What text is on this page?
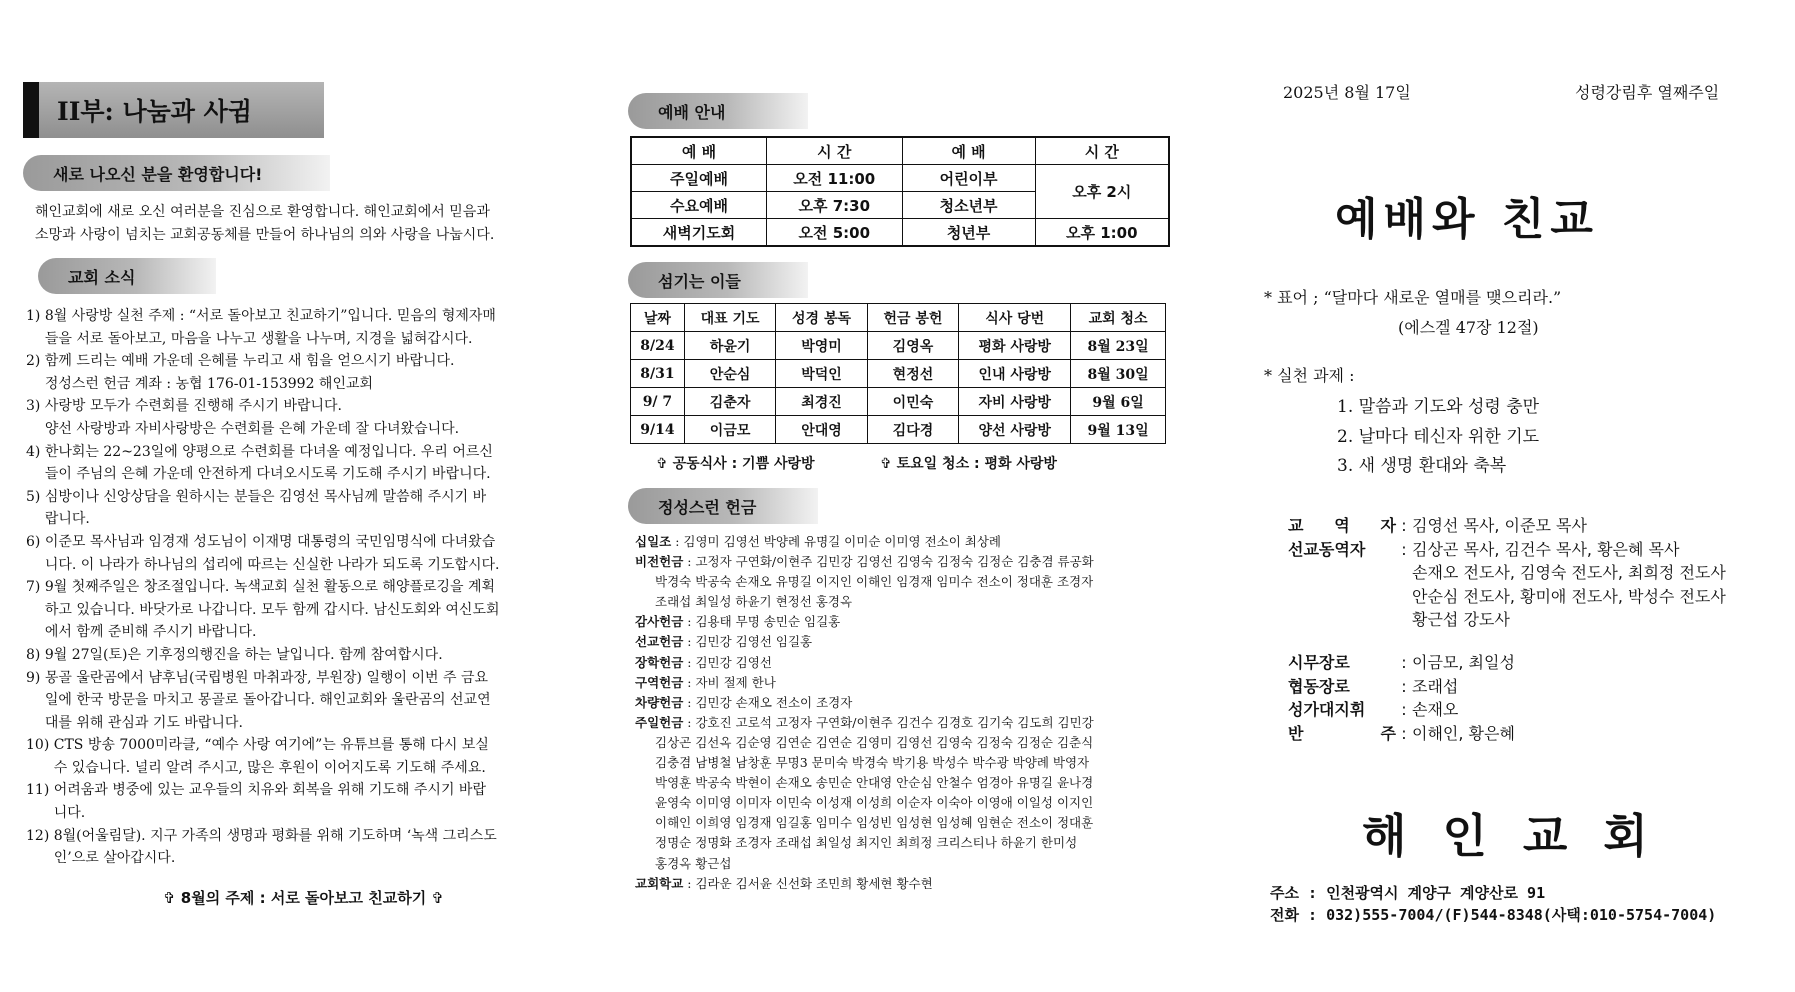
II부: 나눔과 사귐
새로 나오신 분을 환영합니다!
해인교회에 새로 오신 여러분을 진심으로 환영합니다. 해인교회에서 믿음과
소망과 사랑이 넘치는 교회공동체를 만들어 하나님의 의와 사랑을 나눕시다.
교회 소식
1) 8월 사랑방 실천 주제 : “서로 돌아보고 친교하기”입니다. 믿음의 형제자매
들을 서로 돌아보고, 마음을 나누고 생활을 나누며, 지경을 넓혀갑시다.
2) 함께 드리는 예배 가운데 은혜를 누리고 새 힘을 얻으시기 바랍니다.
정성스런 헌금 계좌 : 농협 176-01-153992 해인교회
3) 사랑방 모두가 수련회를 진행해 주시기 바랍니다.
양선 사랑방과 자비사랑방은 수련회를 은혜 가운데 잘 다녀왔습니다.
4) 한나회는 22~23일에 양평으로 수련회를 다녀올 예정입니다. 우리 어르신
들이 주님의 은혜 가운데 안전하게 다녀오시도록 기도해 주시기 바랍니다.
5) 심방이나 신앙상담을 원하시는 분들은 김영선 목사님께 말씀해 주시기 바
랍니다.
6) 이준모 목사님과 임경재 성도님이 이재명 대통령의 국민임명식에 다녀왔습
니다. 이 나라가 하나님의 섭리에 따르는 신실한 나라가 되도록 기도합시다.
7) 9월 첫째주일은 창조절입니다. 녹색교회 실천 활동으로 해양플로깅을 계획
하고 있습니다. 바닷가로 나갑니다. 모두 함께 갑시다. 남신도회와 여신도회
에서 함께 준비해 주시기 바랍니다.
8) 9월 27일(토)은 기후정의행진을 하는 날입니다. 함께 참여합시다.
9) 몽골 울란곰에서 냠후님(국립병원 마취과장, 부원장) 일행이 이번 주 금요
일에 한국 방문을 마치고 몽골로 돌아갑니다. 해인교회와 울란곰의 선교연
대를 위해 관심과 기도 바랍니다.
10) CTS 방송 7000미라클, “예수 사랑 여기에”는 유튜브를 통해 다시 보실
수 있습니다. 널리 알려 주시고, 많은 후원이 이어지도록 기도해 주세요.
11) 어려움과 병중에 있는 교우들의 치유와 회복을 위해 기도해 주시기 바랍
니다.
12) 8월(어울림달). 지구 가족의 생명과 평화를 위해 기도하며 ‘녹색 그리스도
인’으로 살아갑시다.
✞ 8월의 주제 : 서로 돌아보고 친교하기 ✞
예배 안내
예 배	시 간	예 배	시 간
주일예배	오전 11:00	어린이부	오후 2시
수요예배	오후 7:30	청소년부	
새벽기도회	오전 5:00	청년부	오후 1:00
섬기는 이들
날짜	대표 기도	성경 봉독	헌금 봉헌	식사 당번	교회 청소
8/24	하윤기	박영미	김영옥	평화 사랑방	8월 23일
8/31	안순심	박덕인	현정선	인내 사랑방	8월 30일
9/ 7	김춘자	최경진	이민숙	자비 사랑방	9월 6일
9/14	이금모	안대영	김다경	양선 사랑방	9월 13일
✞ 공동식사 : 기쁨 사랑방	✞ 토요일 청소 : 평화 사랑방
정성스런 헌금
십일조 : 김영미 김영선 박양례 유명길 이미순 이미영 전소이 최상례
비전헌금 : 고정자 구연화/이현주 김민강 김영선 김영숙 김정숙 김정순 김충겸 류공화
박경숙 박공숙 손재오 유명길 이지인 이해인 임경재 임미수 전소이 정대훈 조경자
조래섭 최일성 하윤기 현정선 홍경옥
감사헌금 : 김용태 무명 송민순 임길홍
선교헌금 : 김민강 김영선 임길홍
장학헌금 : 김민강 김영선
구역헌금 : 자비 절제 한나
차량헌금 : 김민강 손재오 전소이 조경자
주일헌금 : 강호진 고로석 고정자 구연화/이현주 김건수 김경호 김기숙 김도희 김민강
김상곤 김선옥 김순영 김연순 김연순 김영미 김영선 김영숙 김정숙 김정순 김춘식
김충겸 남병철 남창훈 무명3 문미숙 박경숙 박기용 박성수 박수광 박양례 박영자
박영훈 박공숙 박현이 손재오 송민순 안대영 안순심 안철수 엄경아 유명길 윤나경
윤영숙 이미영 이미자 이민숙 이성재 이성희 이순자 이숙아 이영애 이일성 이지인
이해인 이희영 임경재 임길홍 임미수 임성빈 임성현 임성혜 임현순 전소이 정대훈
정명순 정명화 조경자 조래섭 최일성 최지인 최희정 크리스티나 하윤기 한미성
홍경옥 황근섭
교회학교 : 김라운 김서윤 신선화 조민희 황세현 황수현
2025년 8월 17일	성령강림후 열째주일
예배와 친교
* 표어 ; “달마다 새로운 열매를 맺으리라.”
(에스겔 47장 12절)
* 실천 과제 :
1. 말씀과 기도와 성령 충만
2. 날마다 테신자 위한 기도
3. 새 생명 환대와 축복
교 역 자 : 김영선 목사, 이준모 목사
선교동역자	: 김상곤 목사, 김건수 목사, 황은혜 목사
손재오 전도사, 김영숙 전도사, 최희정 전도사
안순심 전도사, 황미애 전도사, 박성수 전도사
황근섭 강도사
시무장로	: 이금모, 최일성
협동장로	: 조래섭
성가대지휘	: 손재오
반 주 : 이해인, 황은혜
해 인 교 회
주소 : 인천광역시 계양구 계양산로 91
전화 : 032)555-7004/(F)544-8348(사택:010-5754-7004)
